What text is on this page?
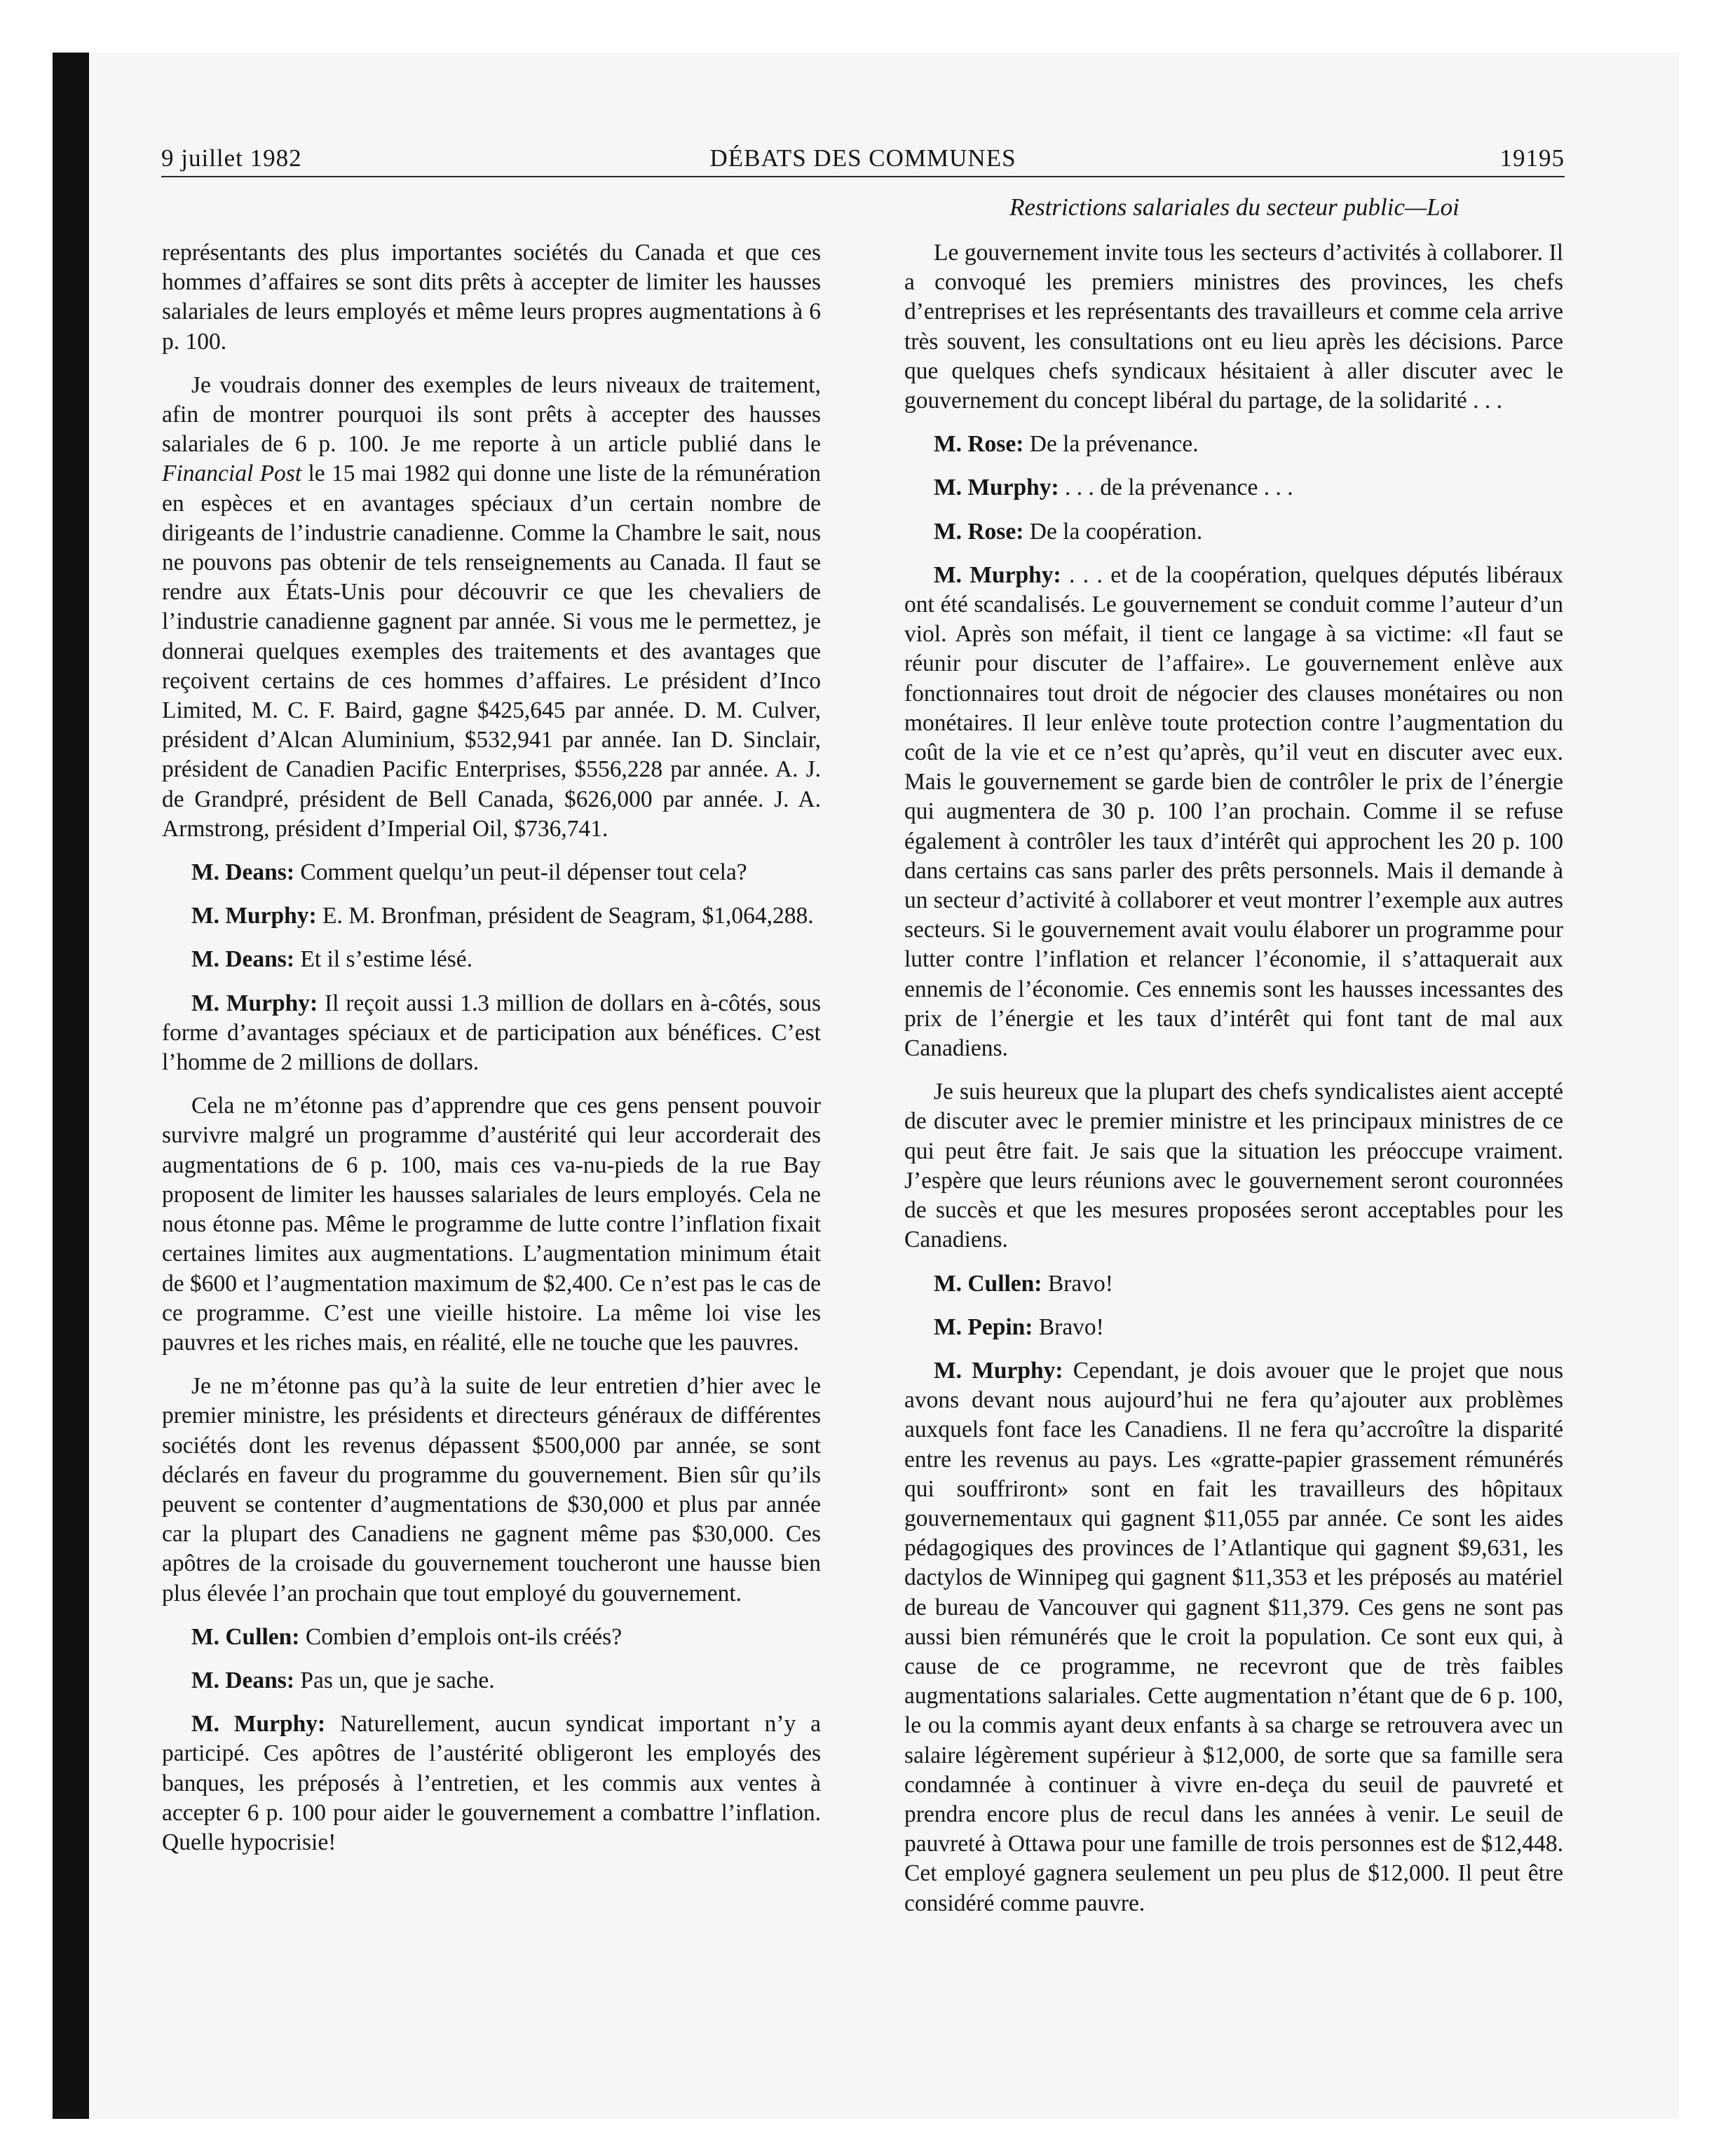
9 juillet 1982	DÉBATS DES COMMUNES	19195
Restrictions salariales du secteur public—Loi

représentants des plus importantes sociétés du Canada et que ces hommes d’affaires se sont dits prêts à accepter de limiter les hausses salariales de leurs employés et même leurs propres augmentations à 6 p. 100.

Je voudrais donner des exemples de leurs niveaux de traitement, afin de montrer pourquoi ils sont prêts à accepter des hausses salariales de 6 p. 100. Je me reporte à un article publié dans le Financial Post le 15 mai 1982 qui donne une liste de la rémunération en espèces et en avantages spéciaux d’un certain nombre de dirigeants de l’industrie canadienne. Comme la Chambre le sait, nous ne pouvons pas obtenir de tels renseignements au Canada. Il faut se rendre aux États-Unis pour découvrir ce que les chevaliers de l’industrie canadienne gagnent par année. Si vous me le permettez, je donnerai quelques exemples des traitements et des avantages que reçoivent certains de ces hommes d’affaires. Le président d’Inco Limited, M. C. F. Baird, gagne $425,645 par année. D. M. Culver, président d’Alcan Aluminium, $532,941 par année. Ian D. Sinclair, président de Canadien Pacific Enterprises, $556,228 par année. A. J. de Grandpré, président de Bell Canada, $626,000 par année. J. A. Armstrong, président d’Imperial Oil, $736,741.

M. Deans: Comment quelqu’un peut-il dépenser tout cela?

M. Murphy: E. M. Bronfman, président de Seagram, $1,064,288.

M. Deans: Et il s’estime lésé.

M. Murphy: Il reçoit aussi 1.3 million de dollars en à-côtés, sous forme d’avantages spéciaux et de participation aux bénéfices. C’est l’homme de 2 millions de dollars.

Cela ne m’étonne pas d’apprendre que ces gens pensent pouvoir survivre malgré un programme d’austérité qui leur accorderait des augmentations de 6 p. 100, mais ces va-nu-pieds de la rue Bay proposent de limiter les hausses salariales de leurs employés. Cela ne nous étonne pas. Même le programme de lutte contre l’inflation fixait certaines limites aux augmentations. L’augmentation minimum était de $600 et l’augmentation maximum de $2,400. Ce n’est pas le cas de ce programme. C’est une vieille histoire. La même loi vise les pauvres et les riches mais, en réalité, elle ne touche que les pauvres.

Je ne m’étonne pas qu’à la suite de leur entretien d’hier avec le premier ministre, les présidents et directeurs généraux de différentes sociétés dont les revenus dépassent $500,000 par année, se sont déclarés en faveur du programme du gouvernement. Bien sûr qu’ils peuvent se contenter d’augmentations de $30,000 et plus par année car la plupart des Canadiens ne gagnent même pas $30,000. Ces apôtres de la croisade du gouvernement toucheront une hausse bien plus élevée l’an prochain que tout employé du gouvernement.

M. Cullen: Combien d’emplois ont-ils créés?

M. Deans: Pas un, que je sache.

M. Murphy: Naturellement, aucun syndicat important n’y a participé. Ces apôtres de l’austérité obligeront les employés des banques, les préposés à l’entretien, et les commis aux ventes à accepter 6 p. 100 pour aider le gouvernement a combattre l’inflation. Quelle hypocrisie!

Le gouvernement invite tous les secteurs d’activités à collaborer. Il a convoqué les premiers ministres des provinces, les chefs d’entreprises et les représentants des travailleurs et comme cela arrive très souvent, les consultations ont eu lieu après les décisions. Parce que quelques chefs syndicaux hésitaient à aller discuter avec le gouvernement du concept libéral du partage, de la solidarité . . .

M. Rose: De la prévenance.

M. Murphy: . . . de la prévenance . . .

M. Rose: De la coopération.

M. Murphy: . . . et de la coopération, quelques députés libéraux ont été scandalisés. Le gouvernement se conduit comme l’auteur d’un viol. Après son méfait, il tient ce langage à sa victime: «Il faut se réunir pour discuter de l’affaire». Le gouvernement enlève aux fonctionnaires tout droit de négocier des clauses monétaires ou non monétaires. Il leur enlève toute protection contre l’augmentation du coût de la vie et ce n’est qu’après, qu’il veut en discuter avec eux. Mais le gouvernement se garde bien de contrôler le prix de l’énergie qui augmentera de 30 p. 100 l’an prochain. Comme il se refuse également à contrôler les taux d’intérêt qui approchent les 20 p. 100 dans certains cas sans parler des prêts personnels. Mais il demande à un secteur d’activité à collaborer et veut montrer l’exemple aux autres secteurs. Si le gouvernement avait voulu élaborer un programme pour lutter contre l’inflation et relancer l’économie, il s’attaquerait aux ennemis de l’économie. Ces ennemis sont les hausses incessantes des prix de l’énergie et les taux d’intérêt qui font tant de mal aux Canadiens.

Je suis heureux que la plupart des chefs syndicalistes aient accepté de discuter avec le premier ministre et les principaux ministres de ce qui peut être fait. Je sais que la situation les préoccupe vraiment. J’espère que leurs réunions avec le gouvernement seront couronnées de succès et que les mesures proposées seront acceptables pour les Canadiens.

M. Cullen: Bravo!

M. Pepin: Bravo!

M. Murphy: Cependant, je dois avouer que le projet que nous avons devant nous aujourd’hui ne fera qu’ajouter aux problèmes auxquels font face les Canadiens. Il ne fera qu’accroître la disparité entre les revenus au pays. Les «gratte-papier grassement rémunérés qui souffriront» sont en fait les travailleurs des hôpitaux gouvernementaux qui gagnent $11,055 par année. Ce sont les aides pédagogiques des provinces de l’Atlantique qui gagnent $9,631, les dactylos de Winnipeg qui gagnent $11,353 et les préposés au matériel de bureau de Vancouver qui gagnent $11,379. Ces gens ne sont pas aussi bien rémunérés que le croit la population. Ce sont eux qui, à cause de ce programme, ne recevront que de très faibles augmentations salariales. Cette augmentation n’étant que de 6 p. 100, le ou la commis ayant deux enfants à sa charge se retrouvera avec un salaire légèrement supérieur à $12,000, de sorte que sa famille sera condamnée à continuer à vivre en-deça du seuil de pauvreté et prendra encore plus de recul dans les années à venir. Le seuil de pauvreté à Ottawa pour une famille de trois personnes est de $12,448. Cet employé gagnera seulement un peu plus de $12,000. Il peut être considéré comme pauvre.
